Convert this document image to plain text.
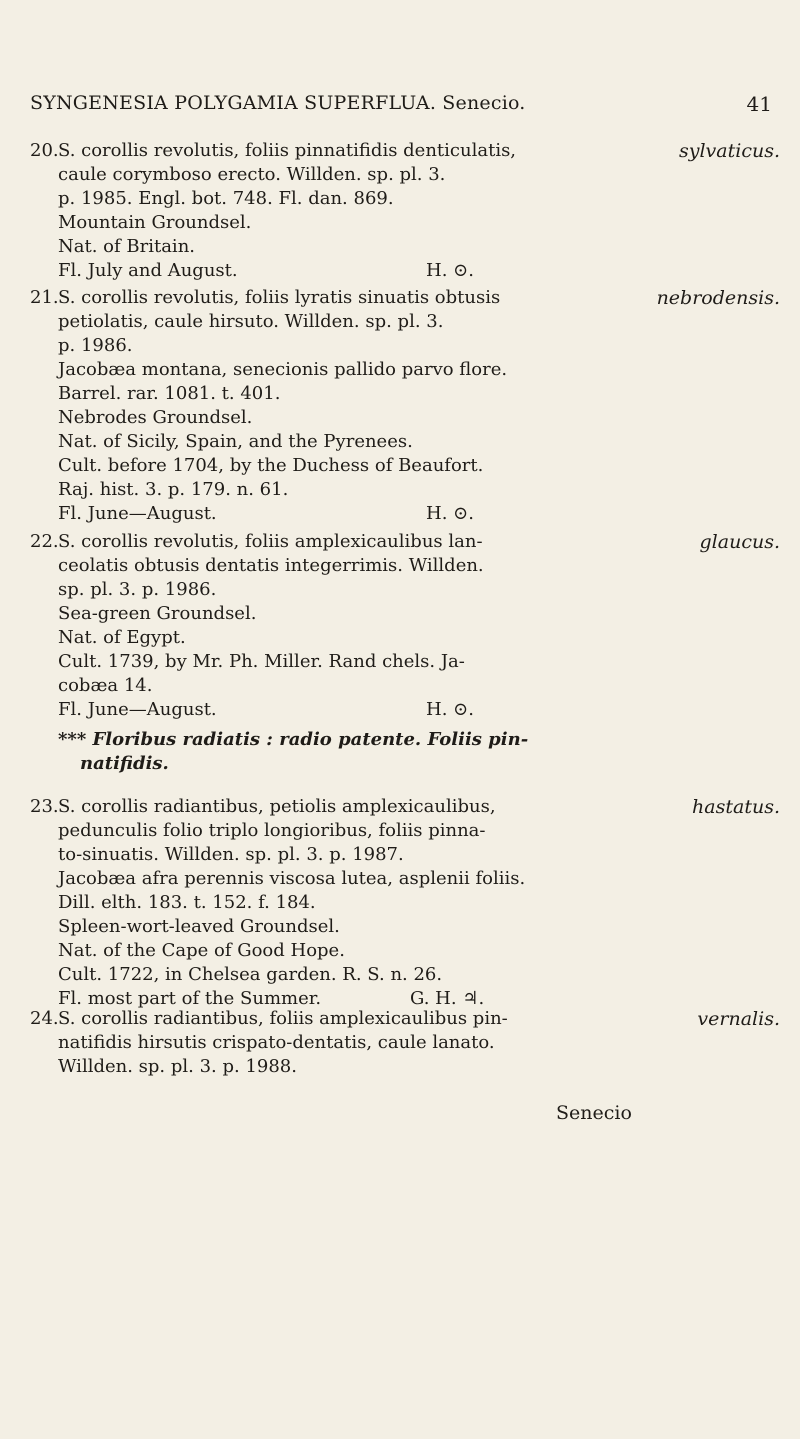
SYNGENESIA POLYGAMIA SUPERFLUA. Senecio.	41
20.S. corollis revolutis, foliis pinnatifidis denticulatis,	sylvaticus.
caule corymboso erecto. Willden. sp. pl. 3.
p. 1985. Engl. bot. 748. Fl. dan. 869.
Mountain Groundsel.
Nat. of Britain.
Fl. July and August.	H. ⊙.
21.S. corollis revolutis, foliis lyratis sinuatis obtusis	nebrodensis.
petiolatis, caule hirsuto. Willden. sp. pl. 3.
p. 1986.
Jacobæa montana, senecionis pallido parvo flore.
Barrel. rar. 1081. t. 401.
Nebrodes Groundsel.
Nat. of Sicily, Spain, and the Pyrenees.
Cult. before 1704, by the Duchess of Beaufort.
Raj. hist. 3. p. 179. n. 61.
Fl. June—August.	H. ⊙.
22.S. corollis revolutis, foliis amplexicaulibus lan-	glaucus.
ceolatis obtusis dentatis integerrimis. Willden.
sp. pl. 3. p. 1986.
Sea-green Groundsel.
Nat. of Egypt.
Cult. 1739, by Mr. Ph. Miller. Rand chels. Ja-
cobæa 14.
Fl. June—August.	H. ⊙.
*** Floribus radiatis : radio patente. Foliis pin-
natifidis.
23.S. corollis radiantibus, petiolis amplexicaulibus,	hastatus.
pedunculis folio triplo longioribus, foliis pinna-
to-sinuatis. Willden. sp. pl. 3. p. 1987.
Jacobæa afra perennis viscosa lutea, asplenii foliis.
Dill. elth. 183. t. 152. f. 184.
Spleen-wort-leaved Groundsel.
Nat. of the Cape of Good Hope.
Cult. 1722, in Chelsea garden. R. S. n. 26.
Fl. most part of the Summer.	G. H. ♃.
24.S. corollis radiantibus, foliis amplexicaulibus pin-	vernalis.
natifidis hirsutis crispato-dentatis, caule lanato.
Willden. sp. pl. 3. p. 1988.
Senecio
